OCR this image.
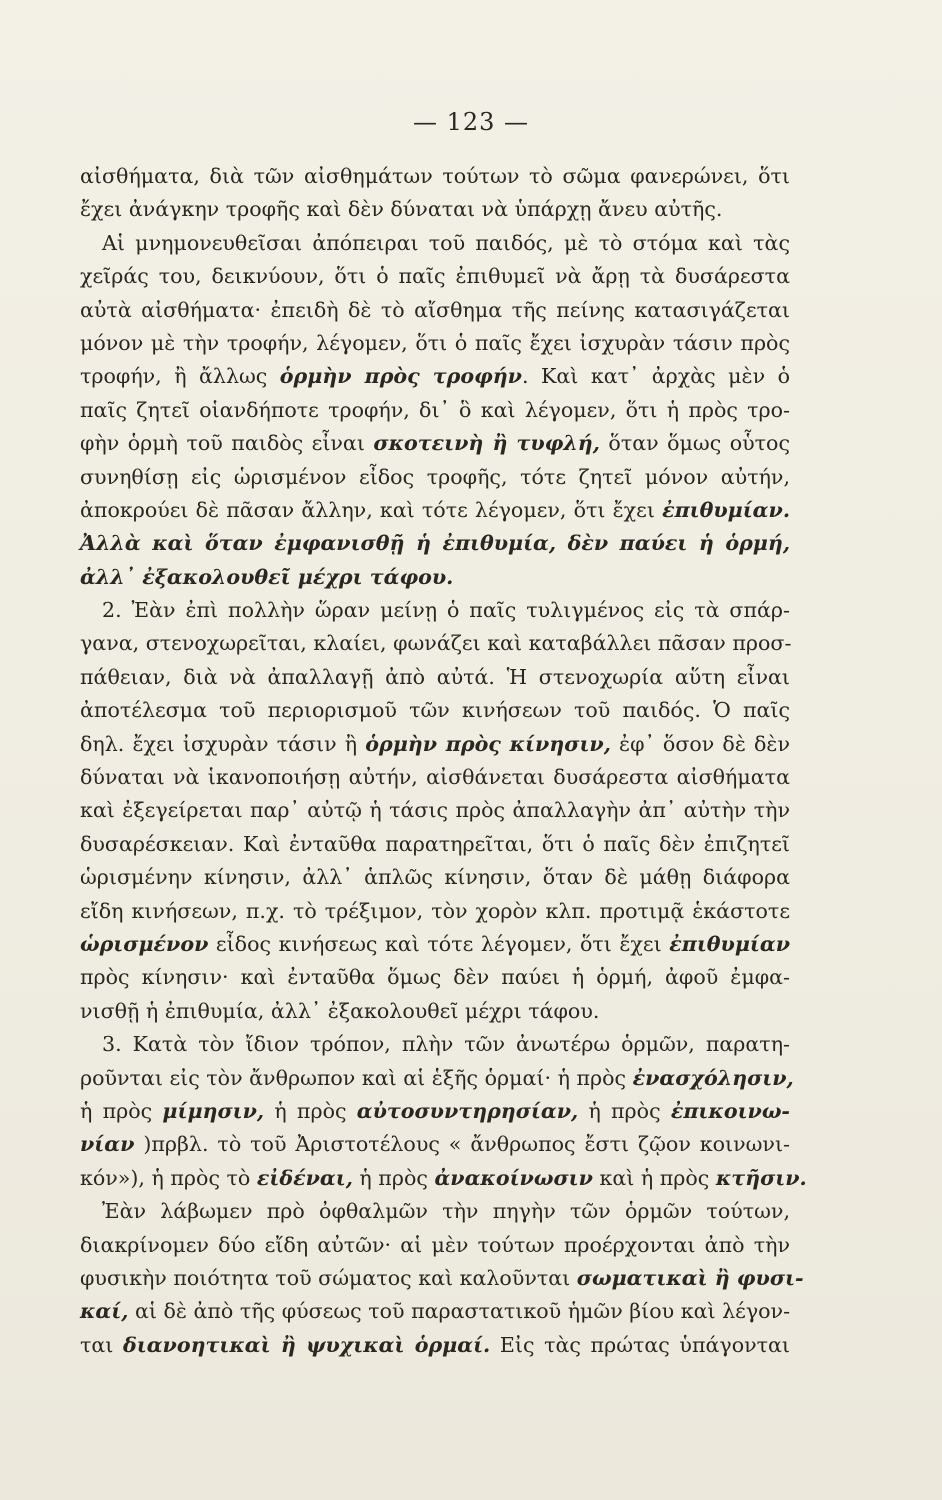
— 123 —
αἰσθήματα, διὰ τῶν αἰσθημάτων τούτων τὸ σῶμα φανερώνει, ὅτι
ἔχει ἀνάγκην τροφῆς καὶ δὲν δύναται νὰ ὑπάρχῃ ἄνευ αὐτῆς.
Αἱ μνημονευθεῖσαι ἀπόπειραι τοῦ παιδός, μὲ τὸ στόμα καὶ τὰς
χεῖράς του, δεικνύουν, ὅτι ὁ παῖς ἐπιθυμεῖ νὰ ἄρῃ τὰ δυσάρεστα
αὐτὰ αἰσθήματα· ἐπειδὴ δὲ τὸ αἴσθημα τῆς πείνης κατασιγάζεται
μόνον μὲ τὴν τροφήν, λέγομεν, ὅτι ὁ παῖς ἔχει ἰσχυρὰν τάσιν πρὸς
τροφήν, ἢ ἄλλως ὁρμὴν πρὸς τροφήν. Καὶ κατ᾿ ἀρχὰς μὲν ὁ
παῖς ζητεῖ οἱανδήποτε τροφήν, δι᾿ ὃ καὶ λέγομεν, ὅτι ἡ πρὸς τρο-
φὴν ὁρμὴ τοῦ παιδὸς εἶναι σκοτεινὴ ἢ τυφλή, ὅταν ὅμως οὗτος
συνηθίσῃ εἰς ὡρισμένον εἶδος τροφῆς, τότε ζητεῖ μόνον αὐτήν,
ἀποκρούει δὲ πᾶσαν ἄλλην, καὶ τότε λέγομεν, ὅτι ἔχει ἐπιθυμίαν.
Ἀλλὰ καὶ ὅταν ἐμφανισθῇ ἡ ἐπιθυμία, δὲν παύει ἡ ὁρμή,
ἀλλ᾿ ἐξακολουθεῖ μέχρι τάφου.
2. Ἐὰν ἐπὶ πολλὴν ὥραν μείνῃ ὁ παῖς τυλιγμένος εἰς τὰ σπάρ-
γανα, στενοχωρεῖται, κλαίει, φωνάζει καὶ καταβάλλει πᾶσαν προσ-
πάθειαν, διὰ νὰ ἀπαλλαγῇ ἀπὸ αὐτά. Ἡ στενοχωρία αὕτη εἶναι
ἀποτέλεσμα τοῦ περιορισμοῦ τῶν κινήσεων τοῦ παιδός. Ὁ παῖς
δηλ. ἔχει ἰσχυρὰν τάσιν ἢ ὁρμὴν πρὸς κίνησιν, ἐφ᾿ ὅσον δὲ δὲν
δύναται νὰ ἱκανοποιήσῃ αὐτήν, αἰσθάνεται δυσάρεστα αἰσθήματα
καὶ ἐξεγείρεται παρ᾿ αὐτῷ ἡ τάσις πρὸς ἀπαλλαγὴν ἀπ᾿ αὐτὴν τὴν
δυσαρέσκειαν. Καὶ ἐνταῦθα παρατηρεῖται, ὅτι ὁ παῖς δὲν ἐπιζητεῖ
ὡρισμένην κίνησιν, ἀλλ᾿ ἁπλῶς κίνησιν, ὅταν δὲ μάθῃ διάφορα
εἴδη κινήσεων, π.χ. τὸ τρέξιμον, τὸν χορὸν κλπ. προτιμᾷ ἑκάστοτε
ὡρισμένον εἶδος κινήσεως καὶ τότε λέγομεν, ὅτι ἔχει ἐπιθυμίαν
πρὸς κίνησιν· καὶ ἐνταῦθα ὅμως δὲν παύει ἡ ὁρμή, ἀφοῦ ἐμφα-
νισθῇ ἡ ἐπιθυμία, ἀλλ᾿ ἐξακολουθεῖ μέχρι τάφου.
3. Κατὰ τὸν ἴδιον τρόπον, πλὴν τῶν ἀνωτέρω ὁρμῶν, παρατη-
ροῦνται εἰς τὸν ἄνθρωπον καὶ αἱ ἑξῆς ὁρμαί· ἡ πρὸς ἐνασχόλησιν,
ἡ πρὸς μίμησιν, ἡ πρὸς αὐτοσυντηρησίαν, ἡ πρὸς ἐπικοινω-
νίαν )πρβλ. τὸ τοῦ Ἀριστοτέλους « ἄνθρωπος ἔστι ζῷον κοινωνι-
κόν»), ἡ πρὸς τὸ εἰδέναι, ἡ πρὸς ἀνακοίνωσιν καὶ ἡ πρὸς κτῆσιν.
Ἐὰν λάβωμεν πρὸ ὀφθαλμῶν τὴν πηγὴν τῶν ὁρμῶν τούτων,
διακρίνομεν δύο εἴδη αὐτῶν· αἱ μὲν τούτων προέρχονται ἀπὸ τὴν
φυσικὴν ποιότητα τοῦ σώματος καὶ καλοῦνται σωματικαὶ ἢ φυσι-
καί, αἱ δὲ ἀπὸ τῆς φύσεως τοῦ παραστατικοῦ ἡμῶν βίου καὶ λέγον-
ται διανοητικαὶ ἢ ψυχικαὶ ὁρμαί. Εἰς τὰς πρώτας ὑπάγονται
